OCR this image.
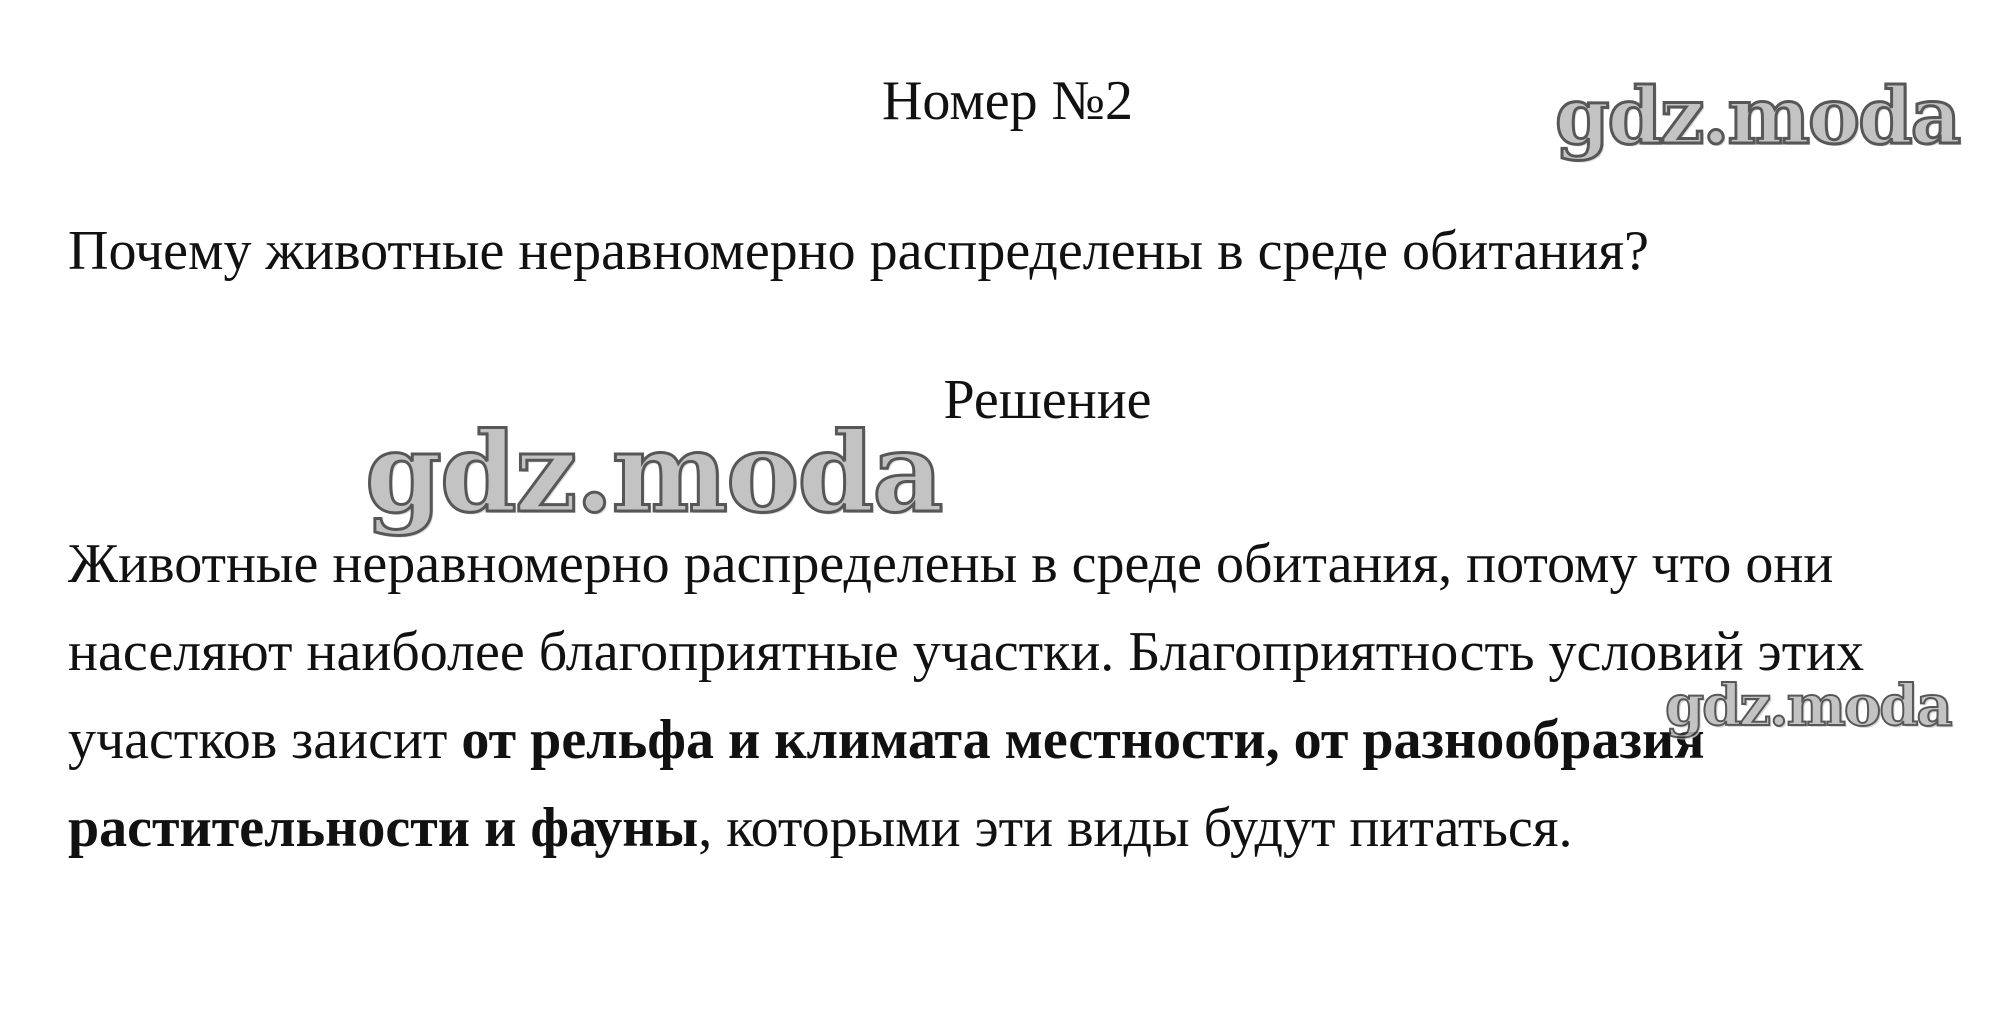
Номер №2
Почему животные неравномерно распределены в среде обитания?
Решение
Животные неравномерно распределены в среде обитания, потому что они
населяют наиболее благоприятные участки. Благоприятность условий этих
участков заисит от рельфа и климата местности, от разнообразия
растительности и фауны, которыми эти виды будут питаться.
gdz.moda
gdz.moda
gdz.moda
